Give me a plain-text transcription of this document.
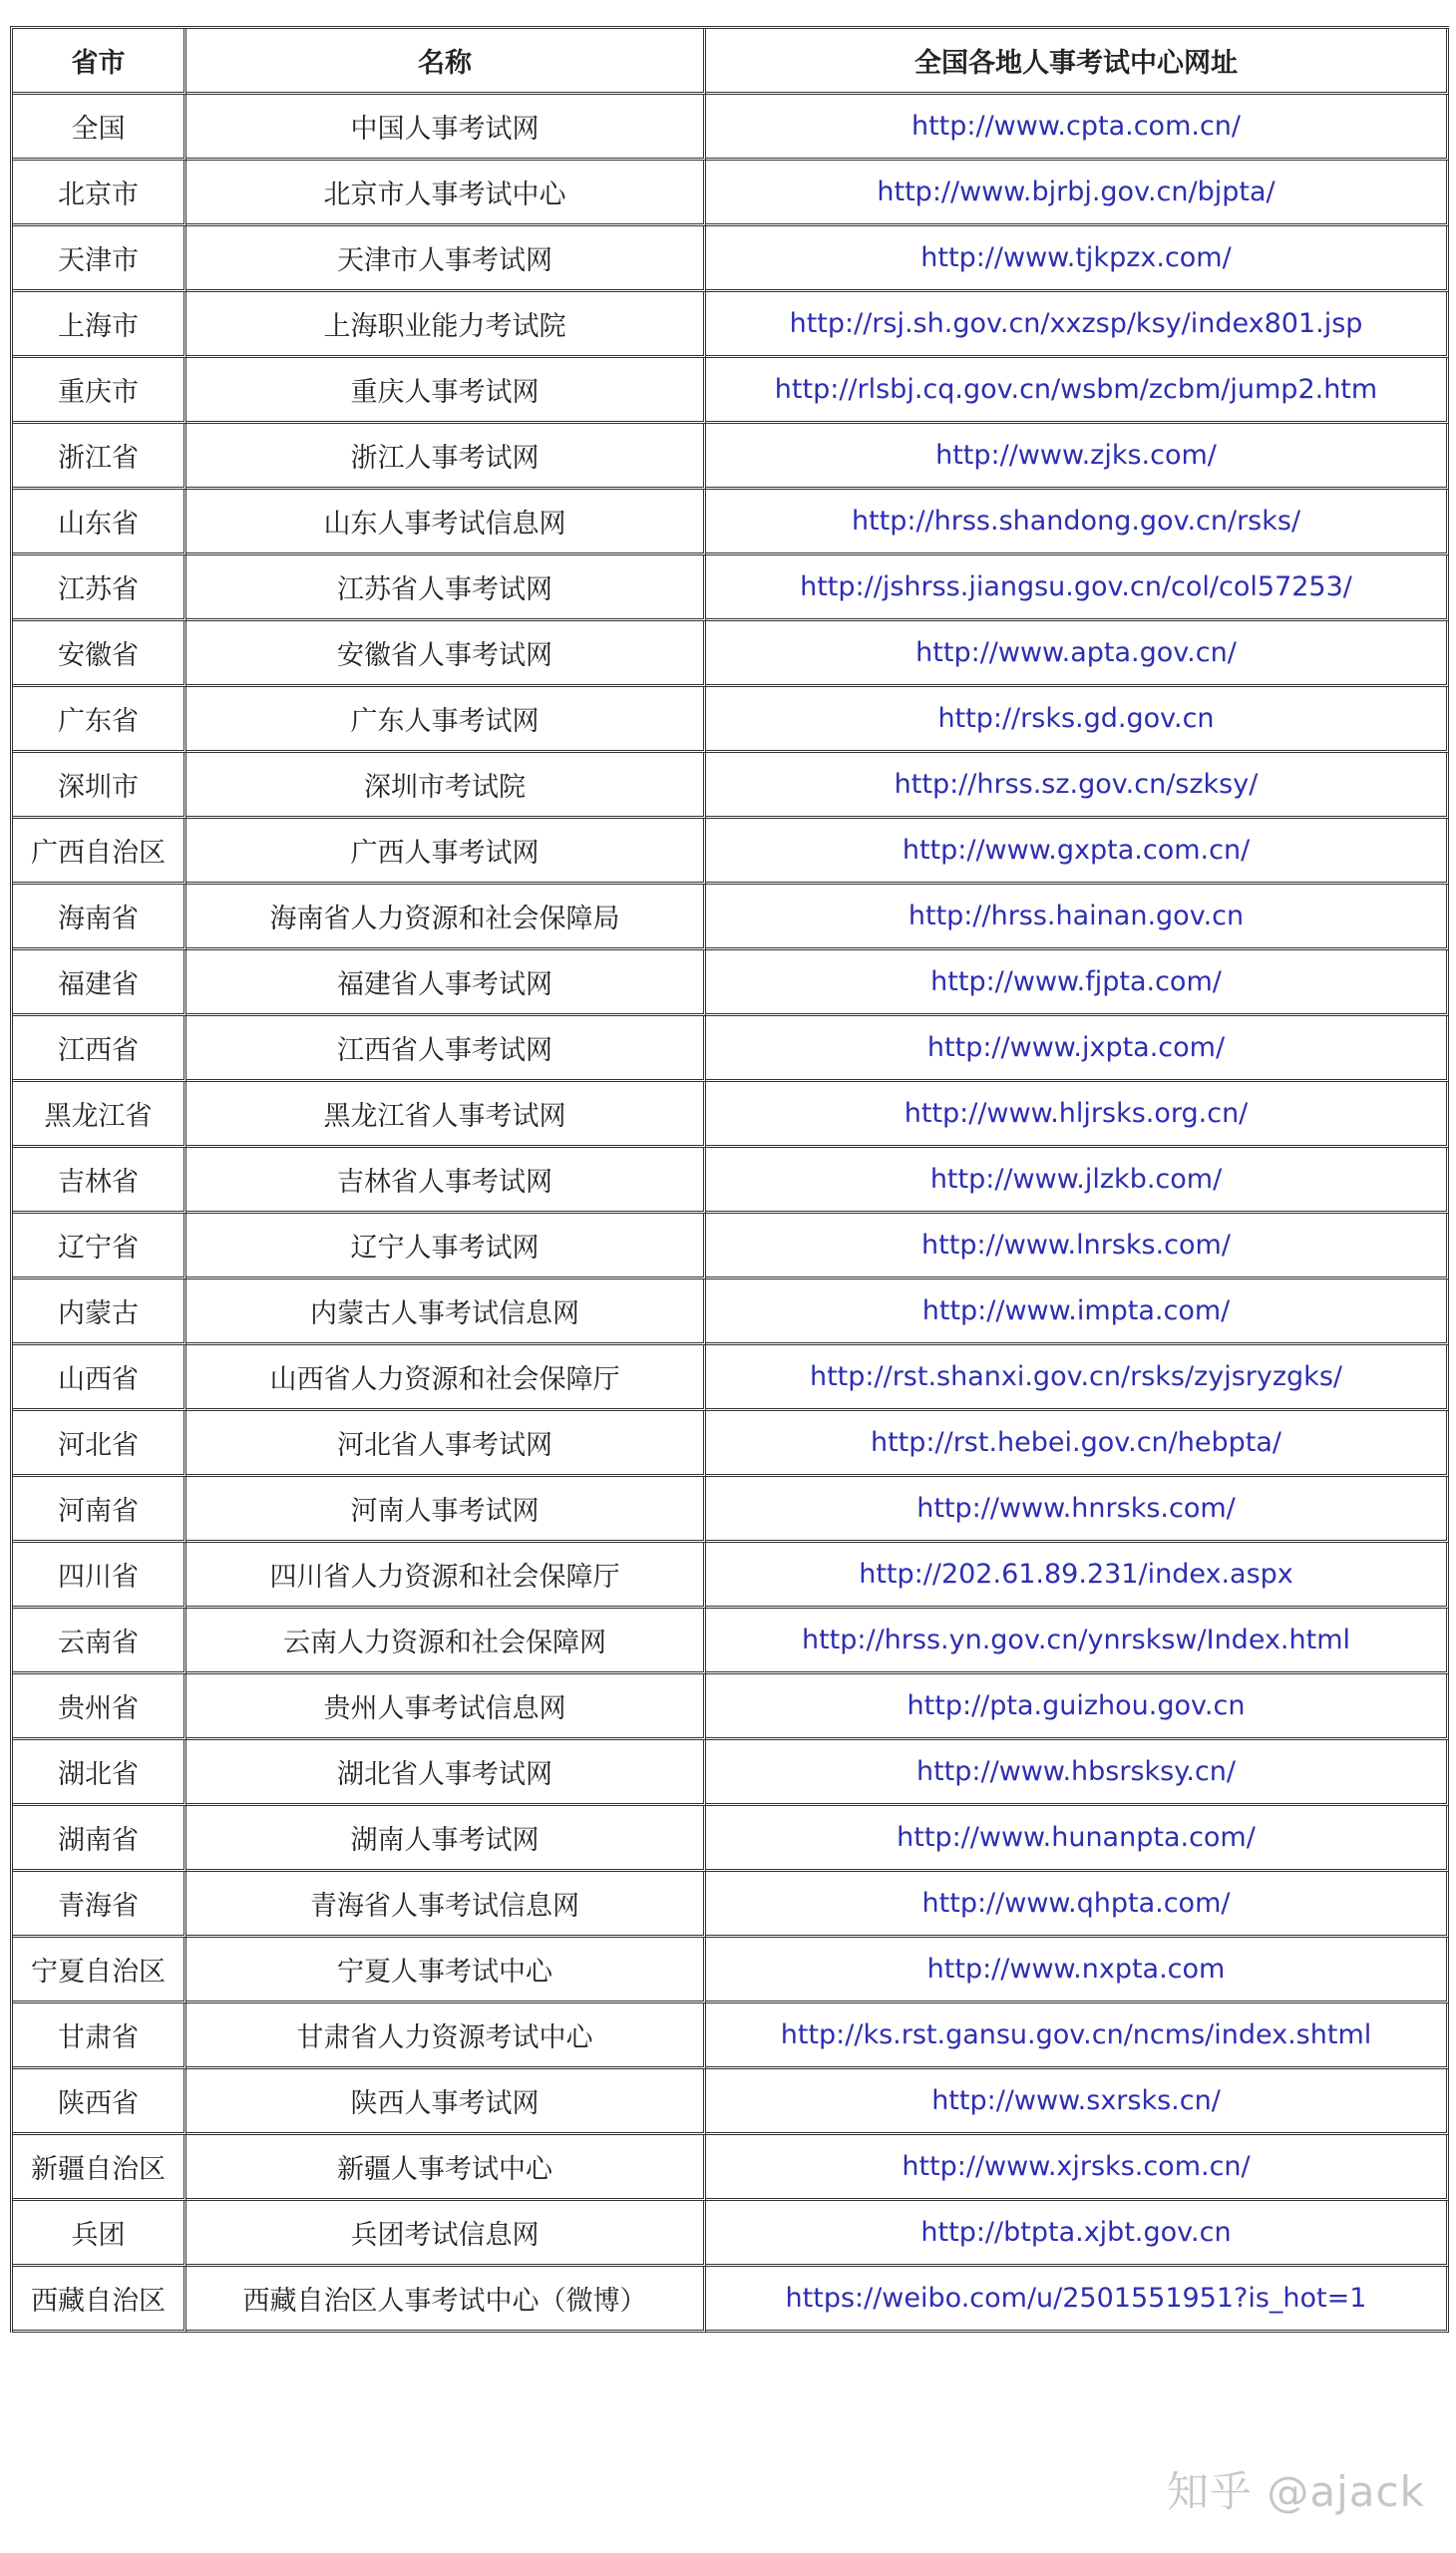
省市	名称	全国各地人事考试中心网址
全国	中国人事考试网	http://www.cpta.com.cn/
北京市	北京市人事考试中心	http://www.bjrbj.gov.cn/bjpta/
天津市	天津市人事考试网	http://www.tjkpzx.com/
上海市	上海职业能力考试院	http://rsj.sh.gov.cn/xxzsp/ksy/index801.jsp
重庆市	重庆人事考试网	http://rlsbj.cq.gov.cn/wsbm/zcbm/jump2.htm
浙江省	浙江人事考试网	http://www.zjks.com/
山东省	山东人事考试信息网	http://hrss.shandong.gov.cn/rsks/
江苏省	江苏省人事考试网	http://jshrss.jiangsu.gov.cn/col/col57253/
安徽省	安徽省人事考试网	http://www.apta.gov.cn/
广东省	广东人事考试网	http://rsks.gd.gov.cn
深圳市	深圳市考试院	http://hrss.sz.gov.cn/szksy/
广西自治区	广西人事考试网	http://www.gxpta.com.cn/
海南省	海南省人力资源和社会保障局	http://hrss.hainan.gov.cn
福建省	福建省人事考试网	http://www.fjpta.com/
江西省	江西省人事考试网	http://www.jxpta.com/
黑龙江省	黑龙江省人事考试网	http://www.hljrsks.org.cn/
吉林省	吉林省人事考试网	http://www.jlzkb.com/
辽宁省	辽宁人事考试网	http://www.lnrsks.com/
内蒙古	内蒙古人事考试信息网	http://www.impta.com/
山西省	山西省人力资源和社会保障厅	http://rst.shanxi.gov.cn/rsks/zyjsryzgks/
河北省	河北省人事考试网	http://rst.hebei.gov.cn/hebpta/
河南省	河南人事考试网	http://www.hnrsks.com/
四川省	四川省人力资源和社会保障厅	http://202.61.89.231/index.aspx
云南省	云南人力资源和社会保障网	http://hrss.yn.gov.cn/ynrsksw/Index.html
贵州省	贵州人事考试信息网	http://pta.guizhou.gov.cn
湖北省	湖北省人事考试网	http://www.hbsrsksy.cn/
湖南省	湖南人事考试网	http://www.hunanpta.com/
青海省	青海省人事考试信息网	http://www.qhpta.com/
宁夏自治区	宁夏人事考试中心	http://www.nxpta.com
甘肃省	甘肃省人力资源考试中心	http://ks.rst.gansu.gov.cn/ncms/index.shtml
陕西省	陕西人事考试网	http://www.sxrsks.cn/
新疆自治区	新疆人事考试中心	http://www.xjrsks.com.cn/
兵团	兵团考试信息网	http://btpta.xjbt.gov.cn
西藏自治区	西藏自治区人事考试中心（微博）	https://weibo.com/u/2501551951?is_hot=1
知乎 @ajack
